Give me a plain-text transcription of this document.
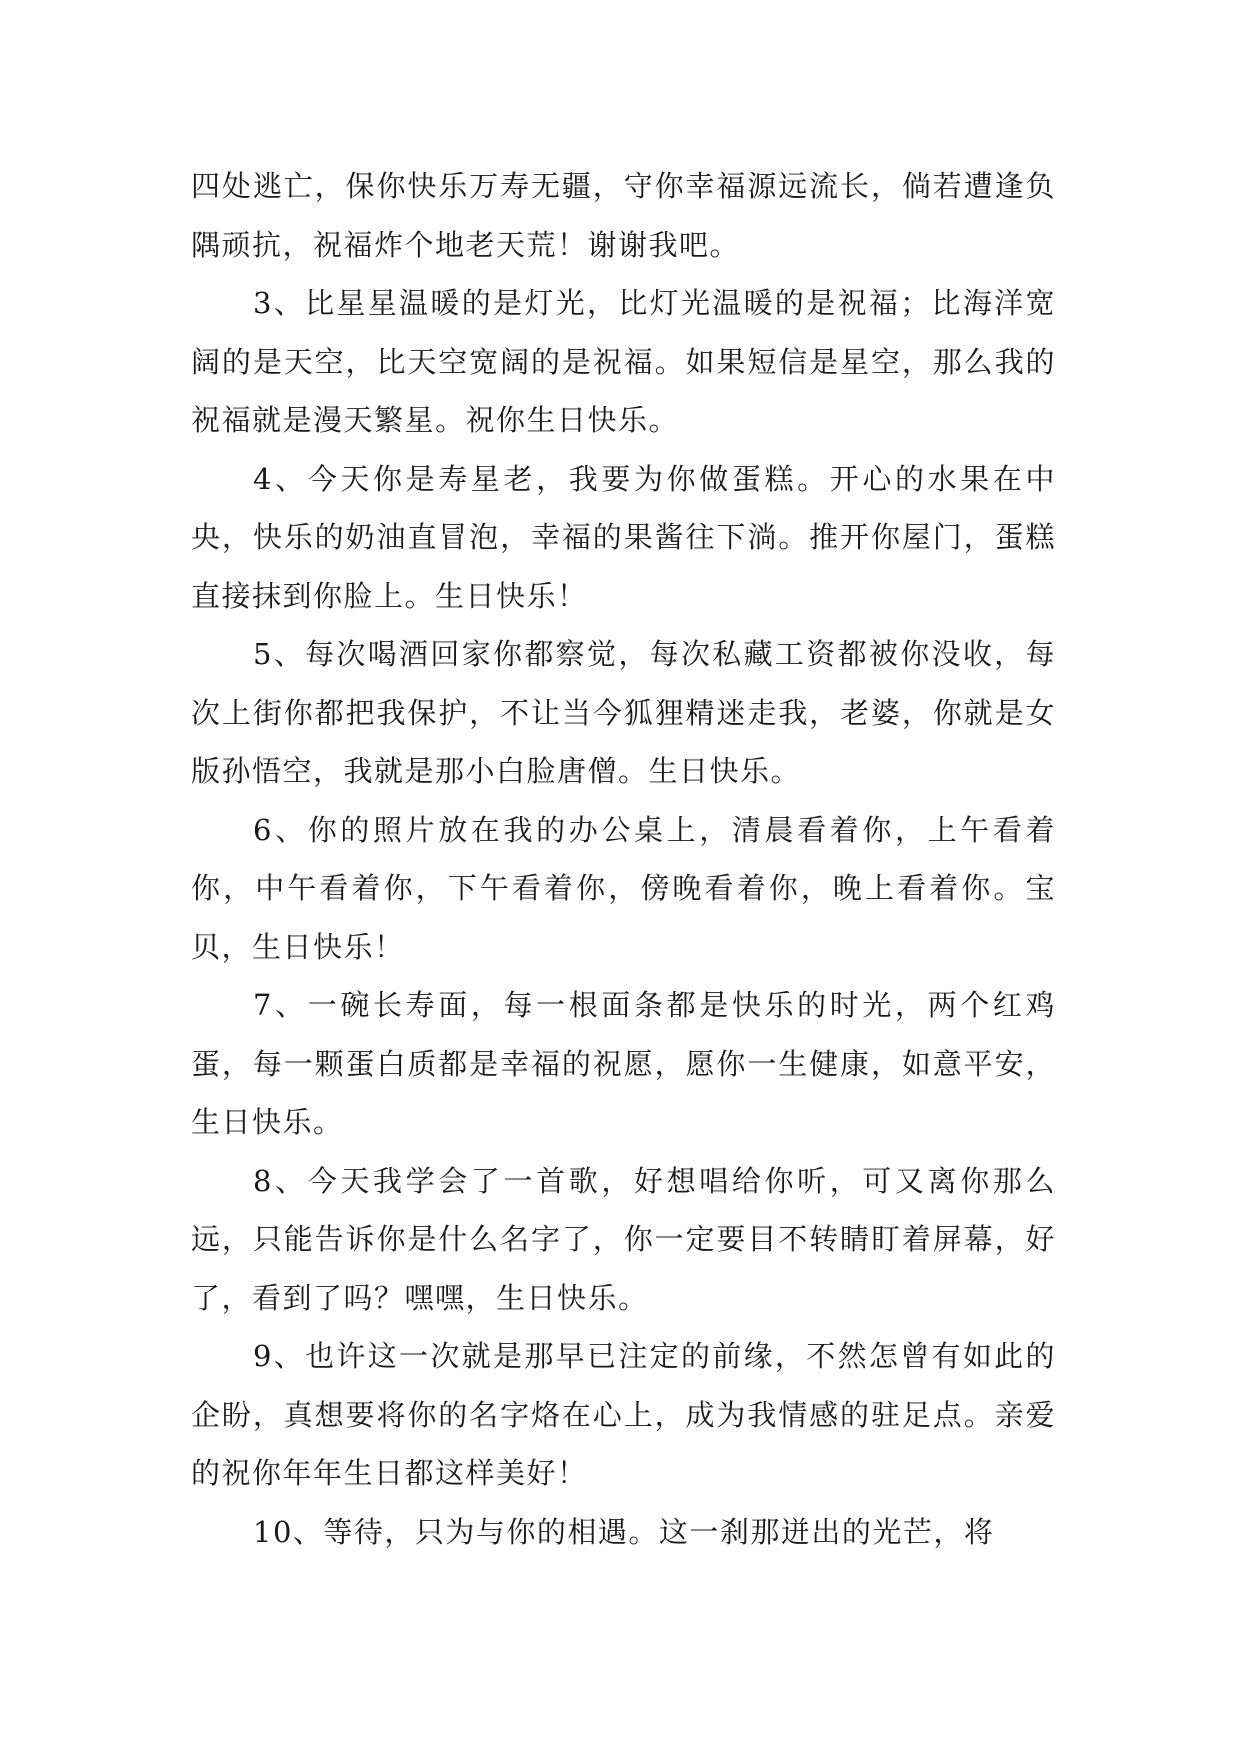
四处逃亡，保你快乐万寿无疆，守你幸福源远流长，倘若遭逢负隅顽抗，祝福炸个地老天荒！谢谢我吧。

3、比星星温暖的是灯光，比灯光温暖的是祝福；比海洋宽阔的是天空，比天空宽阔的是祝福。如果短信是星空，那么我的祝福就是漫天繁星。祝你生日快乐。

4、今天你是寿星老，我要为你做蛋糕。开心的水果在中央，快乐的奶油直冒泡，幸福的果酱往下淌。推开你屋门，蛋糕直接抹到你脸上。生日快乐！

5、每次喝酒回家你都察觉，每次私藏工资都被你没收，每次上街你都把我保护，不让当今狐狸精迷走我，老婆，你就是女版孙悟空，我就是那小白脸唐僧。生日快乐。

6、你的照片放在我的办公桌上，清晨看着你，上午看着你，中午看着你，下午看着你，傍晚看着你，晚上看着你。宝贝，生日快乐！

7、一碗长寿面，每一根面条都是快乐的时光，两个红鸡蛋，每一颗蛋白质都是幸福的祝愿，愿你一生健康，如意平安，生日快乐。

8、今天我学会了一首歌，好想唱给你听，可又离你那么远，只能告诉你是什么名字了，你一定要目不转睛盯着屏幕，好了，看到了吗？嘿嘿，生日快乐。

9、也许这一次就是那早已注定的前缘，不然怎曾有如此的企盼，真想要将你的名字烙在心上，成为我情感的驻足点。亲爱的祝你年年生日都这样美好！

10、等待，只为与你的相遇。这一刹那迸出的光芒，将
